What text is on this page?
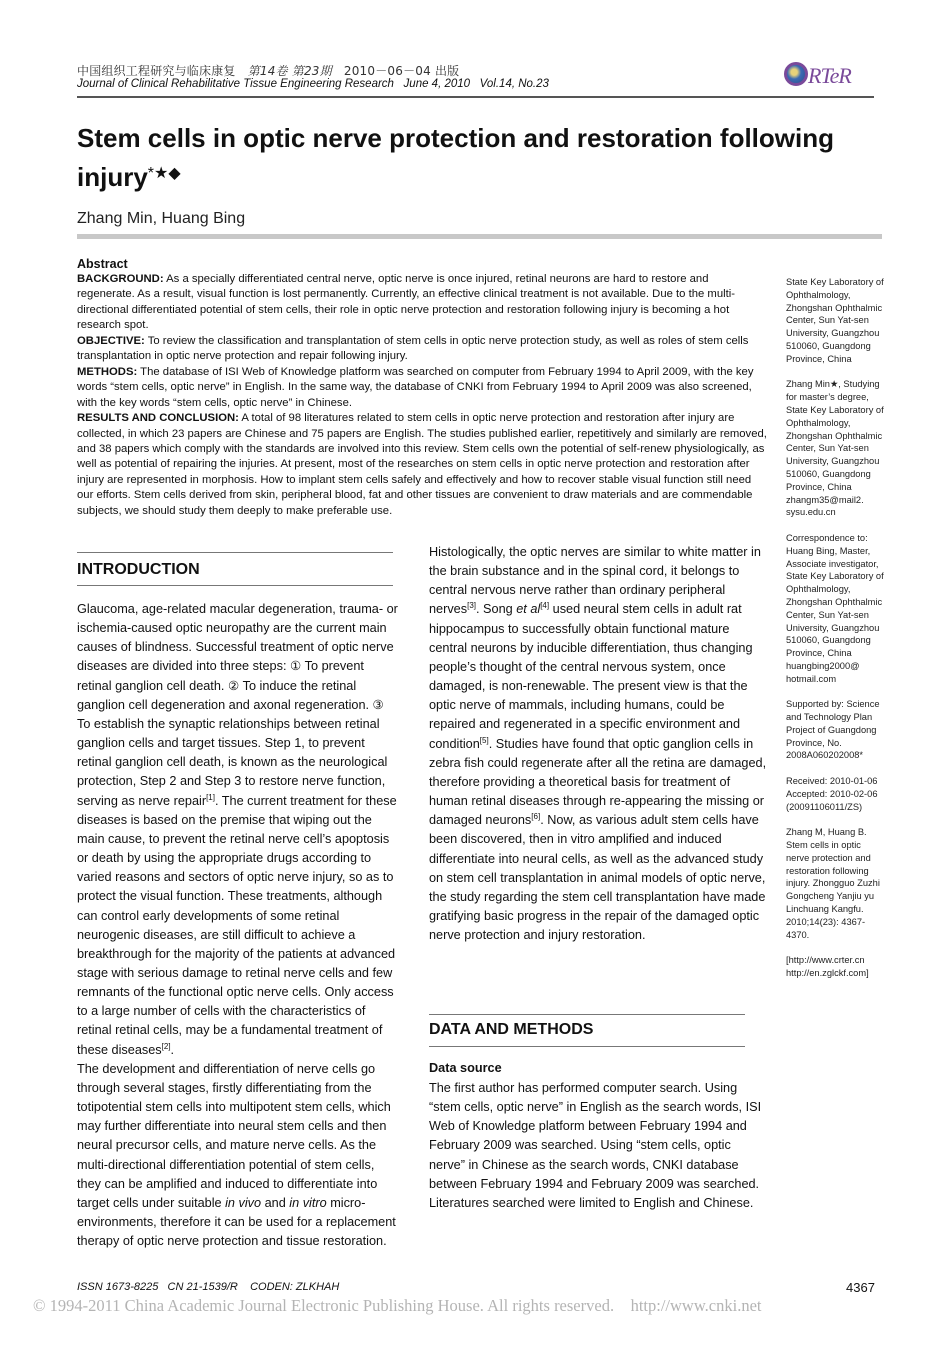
中国组织工程研究与临床康复 第14卷 第23期 2010－06－04 出版
Journal of Clinical Rehabilitative Tissue Engineering Research June 4, 2010 Vol.14, No.23	RTeR
Stem cells in optic nerve protection and restoration following injury*★◆
Zhang Min, Huang Bing
Abstract

BACKGROUND: As a specially differentiated central nerve, optic nerve is once injured, retinal neurons are hard to restore and regenerate. As a result, visual function is lost permanently. Currently, an effective clinical treatment is not available. Due to the multi-directional differentiated potential of stem cells, their role in optic nerve protection and restoration following injury is becoming a hot research spot.

OBJECTIVE: To review the classification and transplantation of stem cells in optic nerve protection study, as well as roles of stem cells transplantation in optic nerve protection and repair following injury.

METHODS: The database of ISI Web of Knowledge platform was searched on computer from February 1994 to April 2009, with the key words “stem cells, optic nerve” in English. In the same way, the database of CNKI from February 1994 to April 2009 was also screened, with the key words “stem cells, optic nerve” in Chinese.

RESULTS AND CONCLUSION: A total of 98 literatures related to stem cells in optic nerve protection and restoration after injury are collected, in which 23 papers are Chinese and 75 papers are English. The studies published earlier, repetitively and similarly are removed, and 38 papers which comply with the standards are involved into this review. Stem cells own the potential of self-renew physiologically, as well as potential of repairing the injuries. At present, most of the researches on stem cells in optic nerve protection and restoration after injury are represented in morphosis. How to implant stem cells safely and effectively and how to recover stable visual function still need our efforts. Stem cells derived from skin, peripheral blood, fat and other tissues are convenient to draw materials and are commendable subjects, we should study them deeply to make preferable use.

State Key Laboratory of Ophthalmology, Zhongshan Ophthalmic Center, Sun Yat-sen University, Guangzhou 510060, Guangdong Province, China

Zhang Min★, Studying for master’s degree, State Key Laboratory of Ophthalmology, Zhongshan Ophthalmic Center, Sun Yat-sen University, Guangzhou 510060, Guangdong Province, China zhangm35@mail2. sysu.edu.cn

Correspondence to: Huang Bing, Master, Associate investigator, State Key Laboratory of Ophthalmology, Zhongshan Ophthalmic Center, Sun Yat-sen University, Guangzhou 510060, Guangdong Province, China huangbing2000@ hotmail.com

Supported by: Science and Technology Plan Project of Guangdong Province, No. 2008A060202008*

Received: 2010-01-06
Accepted: 2010-02-06
(20091106011/ZS)

Zhang M, Huang B. Stem cells in optic nerve protection and restoration following injury. Zhongguo Zuzhi Gongcheng Yanjiu yu Linchuang Kangfu. 2010;14(23): 4367-4370.

[http://www.crter.cn http://en.zglckf.com]

INTRODUCTION

Glaucoma, age-related macular degeneration, trauma- or ischemia-caused optic neuropathy are the current main causes of blindness. Successful treatment of optic nerve diseases are divided into three steps: ① To prevent retinal ganglion cell death. ② To induce the retinal ganglion cell degeneration and axonal regeneration. ③ To establish the synaptic relationships between retinal ganglion cells and target tissues. Step 1, to prevent retinal ganglion cell death, is known as the neurological protection, Step 2 and Step 3 to restore nerve function, serving as nerve repair[1]. The current treatment for these diseases is based on the premise that wiping out the main cause, to prevent the retinal nerve cell’s apoptosis or death by using the appropriate drugs according to varied reasons and sectors of optic nerve injury, so as to protect the visual function. These treatments, although can control early developments of some retinal neurogenic diseases, are still difficult to achieve a breakthrough for the majority of the patients at advanced stage with serious damage to retinal nerve cells and few remnants of the functional optic nerve cells. Only access to a large number of cells with the characteristics of retinal retinal cells, may be a fundamental treatment of these diseases[2].

The development and differentiation of nerve cells go through several stages, firstly differentiating from the totipotential stem cells into multipotent stem cells, which may further differentiate into neural stem cells and then neural precursor cells, and mature nerve cells. As the multi-directional differentiation potential of stem cells, they can be amplified and induced to differentiate into target cells under suitable in vivo and in vitro micro-environments, therefore it can be used for a replacement therapy of optic nerve protection and tissue restoration.

Histologically, the optic nerves are similar to white matter in the brain substance and in the spinal cord, it belongs to central nervous nerve rather than ordinary peripheral nerves[3]. Song et al[4] used neural stem cells in adult rat hippocampus to successfully obtain functional mature central neurons by inducible differentiation, thus changing people’s thought of the central nervous system, once damaged, is non-renewable. The present view is that the optic nerve of mammals, including humans, could be repaired and regenerated in a specific environment and condition[5]. Studies have found that optic ganglion cells in zebra fish could regenerate after all the retina are damaged, therefore providing a theoretical basis for treatment of human retinal diseases through re-appearing the missing or damaged neurons[6]. Now, as various adult stem cells have been discovered, then in vitro amplified and induced differentiate into neural cells, as well as the advanced study on stem cell transplantation in animal models of optic nerve, the study regarding the stem cell transplantation have made gratifying basic progress in the repair of the damaged optic nerve protection and injury restoration.

DATA AND METHODS
Data source

The first author has performed computer search. Using “stem cells, optic nerve” in English as the search words, ISI Web of Knowledge platform between February 1994 and February 2009 was searched. Using “stem cells, optic nerve” in Chinese as the search words, CNKI database between February 1994 and February 2009 was searched. Literatures searched were limited to English and Chinese.

ISSN 1673-8225 CN 21-1539/R CODEN: ZLKHAH	4367
© 1994-2011 China Academic Journal Electronic Publishing House. All rights reserved. http://www.cnki.net
